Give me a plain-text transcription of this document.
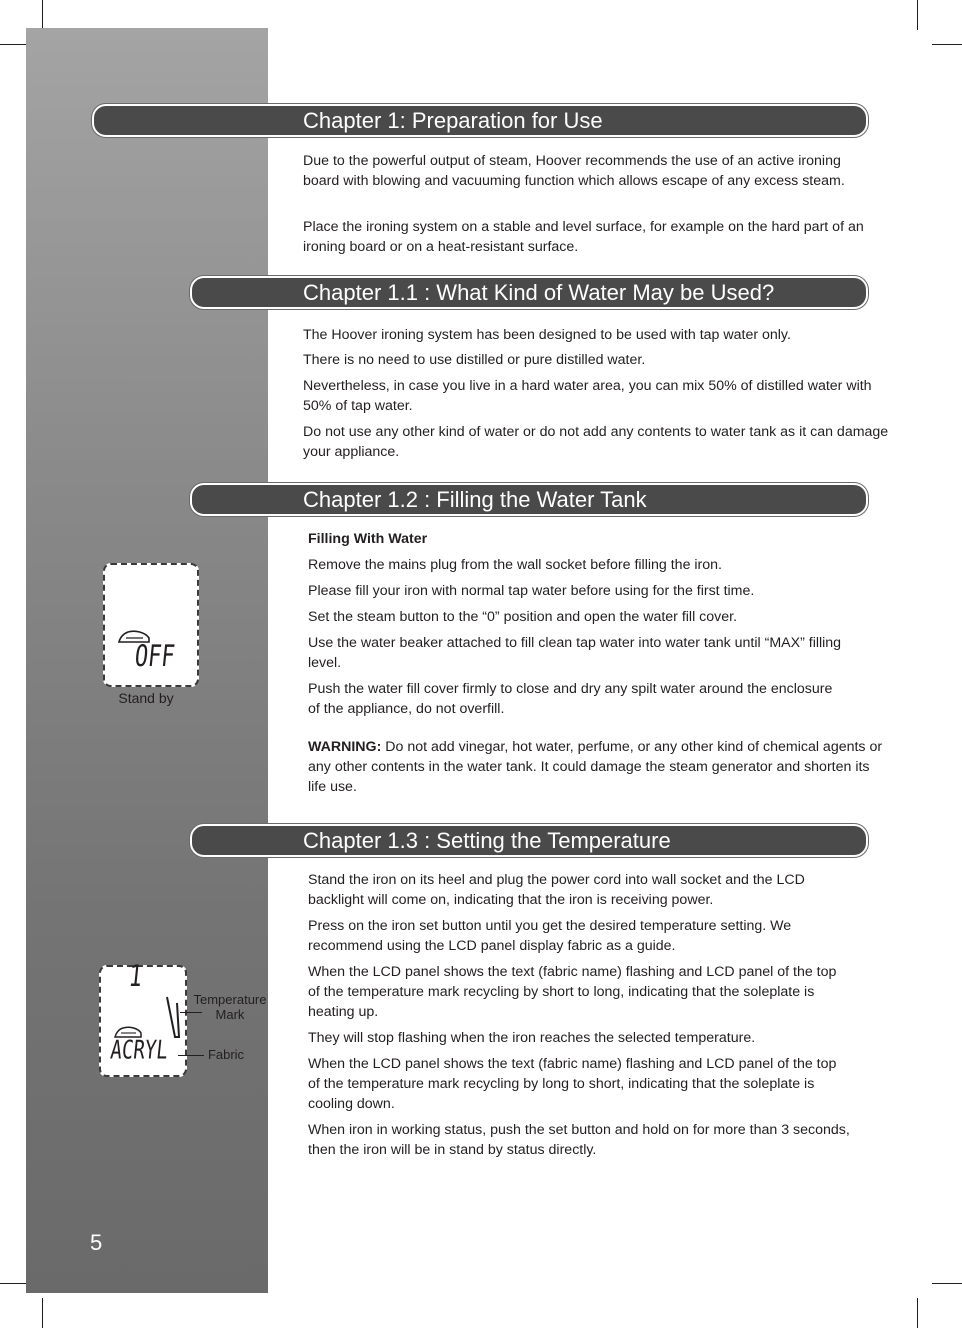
5
Chapter 1: Preparation for Use

Due to the powerful output of steam, Hoover recommends the use of an active ironing board with blowing and vacuuming function which allows escape of any excess steam.

Place the ironing system on a stable and level surface, for example on the hard part of an ironing board or on a heat-resistant surface.

Chapter 1.1 : What Kind of Water May be Used?

The Hoover ironing system has been designed to be used with tap water only.

There is no need to use distilled or pure distilled water.

Nevertheless, in case you live in a hard water area, you can mix 50% of distilled water with 50% of tap water.

Do not use any other kind of water or do not add any contents to water tank as it can damage your appliance.

Chapter 1.2 : Filling the Water Tank

Filling With Water

Remove the mains plug from the wall socket before filling the iron.

Please fill your iron with normal tap water before using for the first time.

Set the steam button to the “0” position and open the water fill cover.

Use the water beaker attached to fill clean tap water into water tank until “MAX” filling level.

Push the water fill cover firmly to close and dry any spilt water around the enclosure of the appliance, do not overfill.

WARNING: Do not add vinegar, hot water, perfume, or any other kind of chemical agents or any other contents in the water tank. It could damage the steam generator and shorten its life use.

OFF
Stand by
Chapter 1.3 : Setting the Temperature

Stand the iron on its heel and plug the power cord into wall socket and the LCD backlight will come on, indicating that the iron is receiving power.

Press on the iron set button until you get the desired temperature setting. We recommend using the LCD panel display fabric as a guide.

When the LCD panel shows the text (fabric name) flashing and LCD panel of the top of the temperature mark recycling by short to long, indicating that the soleplate is heating up.

They will stop flashing when the iron reaches the selected temperature.

When the LCD panel shows the text (fabric name) flashing and LCD panel of the top of the temperature mark recycling by long to short, indicating that the soleplate is cooling down.

When iron in working status, push the set button and hold on for more than 3 seconds, then the iron will be in stand by status directly.

1
ACRYL
Temperature Mark
Fabric
